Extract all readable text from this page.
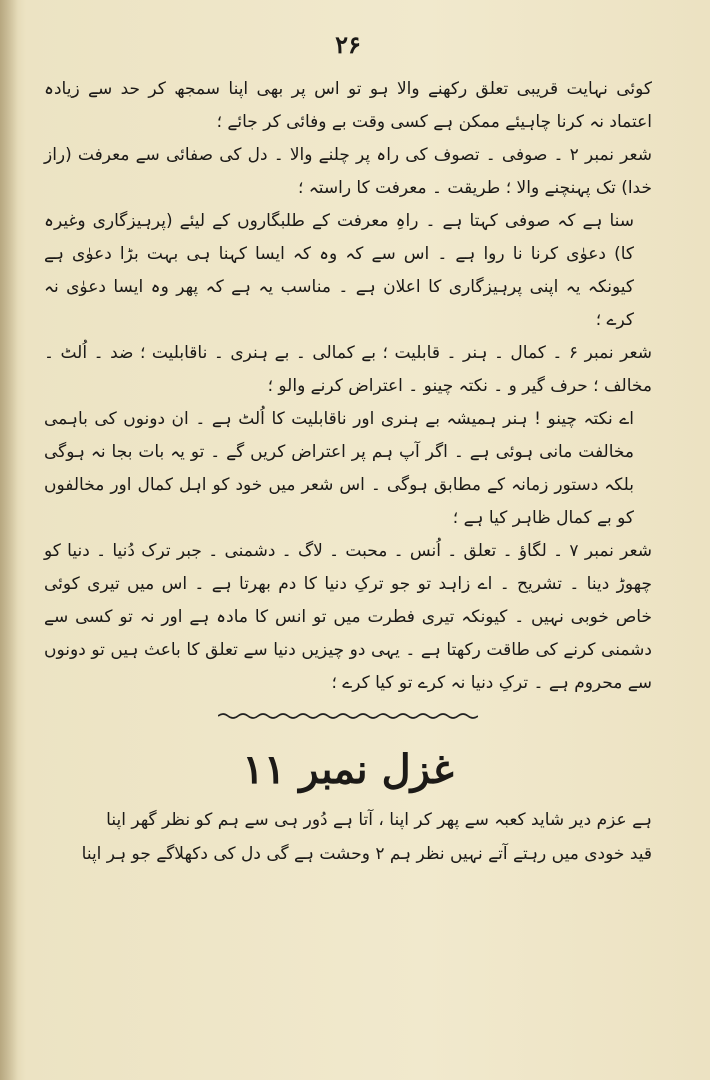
۲۶

کوئی نہایت قریبی تعلق رکھنے والا ہو تو اس پر بھی اپنا سمجھ کر حد سے زیادہ اعتماد نہ کرنا چاہیئے ممکن ہے کسی وقت بے وفائی کر جائے ؛

شعر نمبر ۲ ۔ صوفی ۔ تصوف کی راہ پر چلنے والا ۔ دل کی صفائی سے معرفت (راز خدا) تک پہنچنے والا ؛ طریقت ۔ معرفت کا راستہ ؛

سنا ہے کہ صوفی کہتا ہے ۔ راہِ معرفت کے طلبگاروں کے لیئے (پرہیزگاری وغیرہ کا) دعوٰی کرنا نا روا ہے ۔ اس سے کہ وہ کہ ایسا کہنا ہی بہت بڑا دعوٰی ہے کیونکہ یہ اپنی پرہیزگاری کا اعلان ہے ۔ مناسب یہ ہے کہ پھر وہ ایسا دعوٰی نہ کرے ؛

شعر نمبر ۶ ۔ کمال ۔ ہنر ۔ قابلیت ؛ بے کمالی ۔ بے ہنری ۔ ناقابلیت ؛ ضد ۔ اُلٹ ۔ مخالف ؛ حرف گیر و ۔ نکتہ چینو ۔ اعتراض کرنے والو ؛

اے نکتہ چینو ! ہنر ہمیشہ بے ہنری اور ناقابلیت کا اُلٹ ہے ۔ ان دونوں کی باہمی مخالفت مانی ہوئی ہے ۔ اگر آپ ہم پر اعتراض کریں گے ۔ تو یہ بات بجا نہ ہوگی بلکہ دستور زمانہ کے مطابق ہوگی ۔ اس شعر میں خود کو اہل کمال اور مخالفوں کو بے کمال ظاہر کیا ہے ؛

شعر نمبر ۷ ۔ لگاؤ ۔ تعلق ۔ اُنس ۔ محبت ۔ لاگ ۔ دشمنی ۔ جبر ترک دُنیا ۔ دنیا کو چھوڑ دینا ۔ تشریح ۔ اے زاہد تو جو ترکِ دنیا کا دم بھرتا ہے ۔ اس میں تیری کوئی خاص خوبی نہیں ۔ کیونکہ تیری فطرت میں تو انس کا مادہ ہے اور نہ تو کسی سے دشمنی کرنے کی طاقت رکھتا ہے ۔ یہی دو چیزیں دنیا سے تعلق کا باعث ہیں تو دونوں سے محروم ہے ۔ ترکِ دنیا نہ کرے تو کیا کرے ؛

غزل نمبر ۱۱

ہے عزم دیر شاید کعبہ سے پھر کر اپنا ، آتا ہے دُور ہی سے ہم کو نظر گھر اپنا

قید خودی میں رہتے آتے نہیں نظر ہم ۲ وحشت ہے گی دل کی دکھلاگے جو ہر اپنا
